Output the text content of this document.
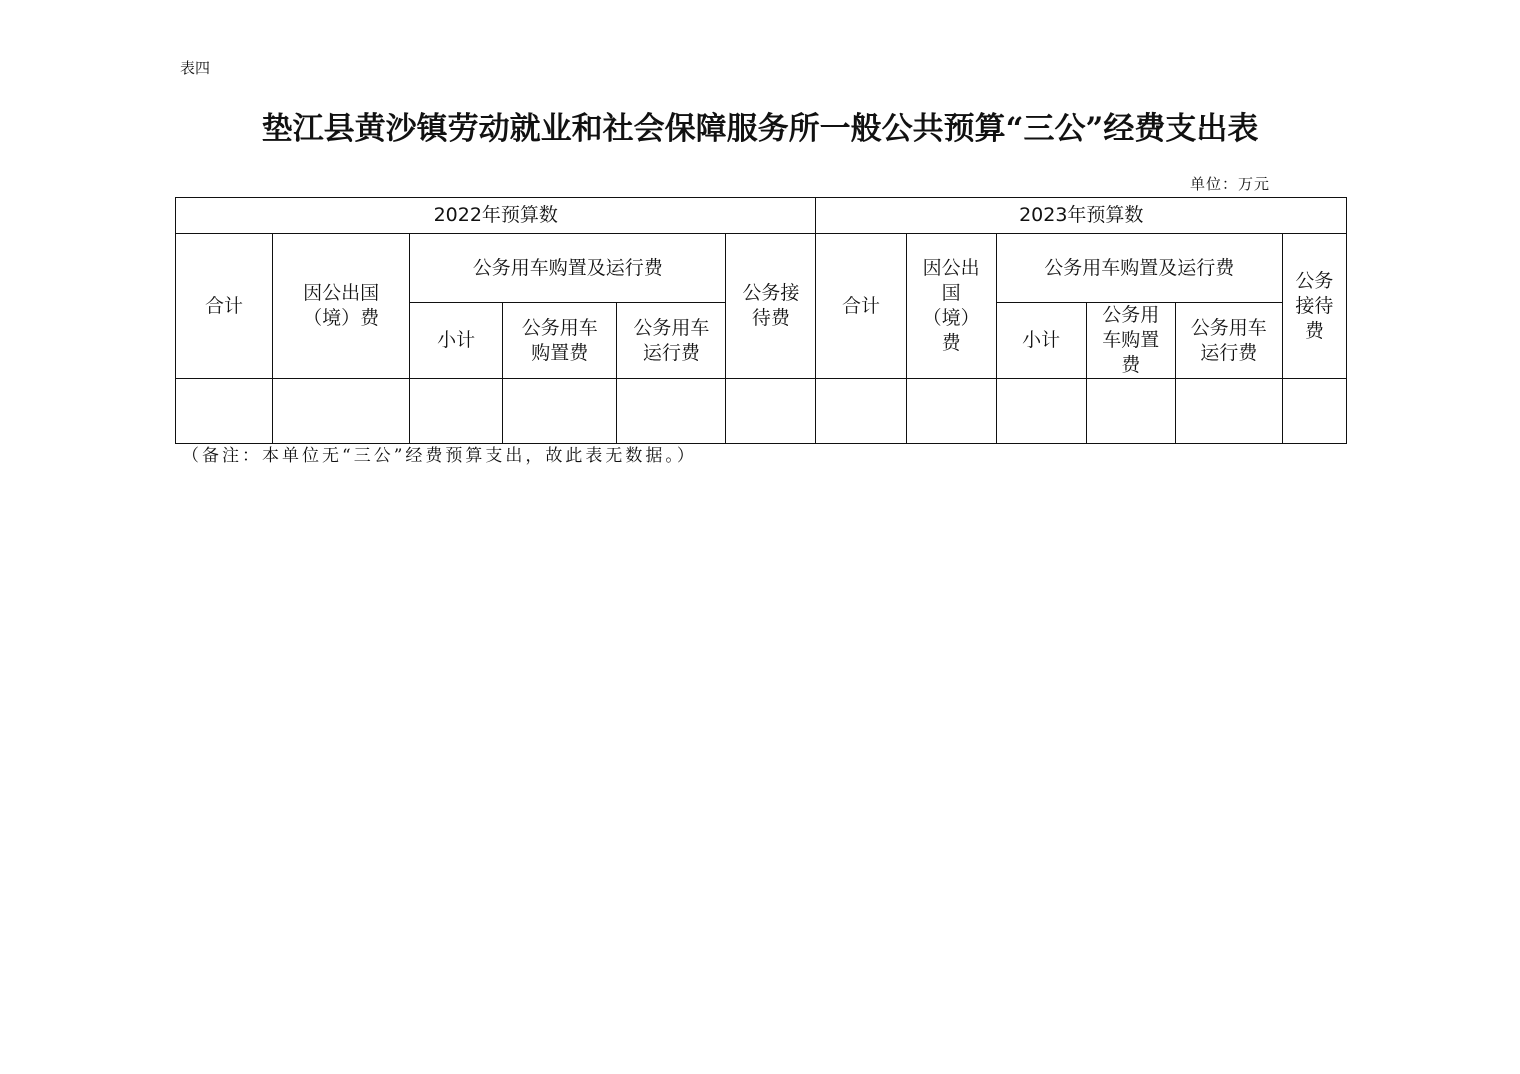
表四
垫江县黄沙镇劳动就业和社会保障服务所一般公共预算“三公”经费支出表
单位：万元
2022年预算数						2023年预算数					
合计	因公出国（境）费	公务用车购置及运行费			公务接待费	合计	因公出国（境）费	公务用车购置及运行费			公务接待费
		小计	公务用车购置费	公务用车运行费				小计	公务用车购置费	公务用车运行费	

（备注：本单位无“三公”经费预算支出，故此表无数据。）
